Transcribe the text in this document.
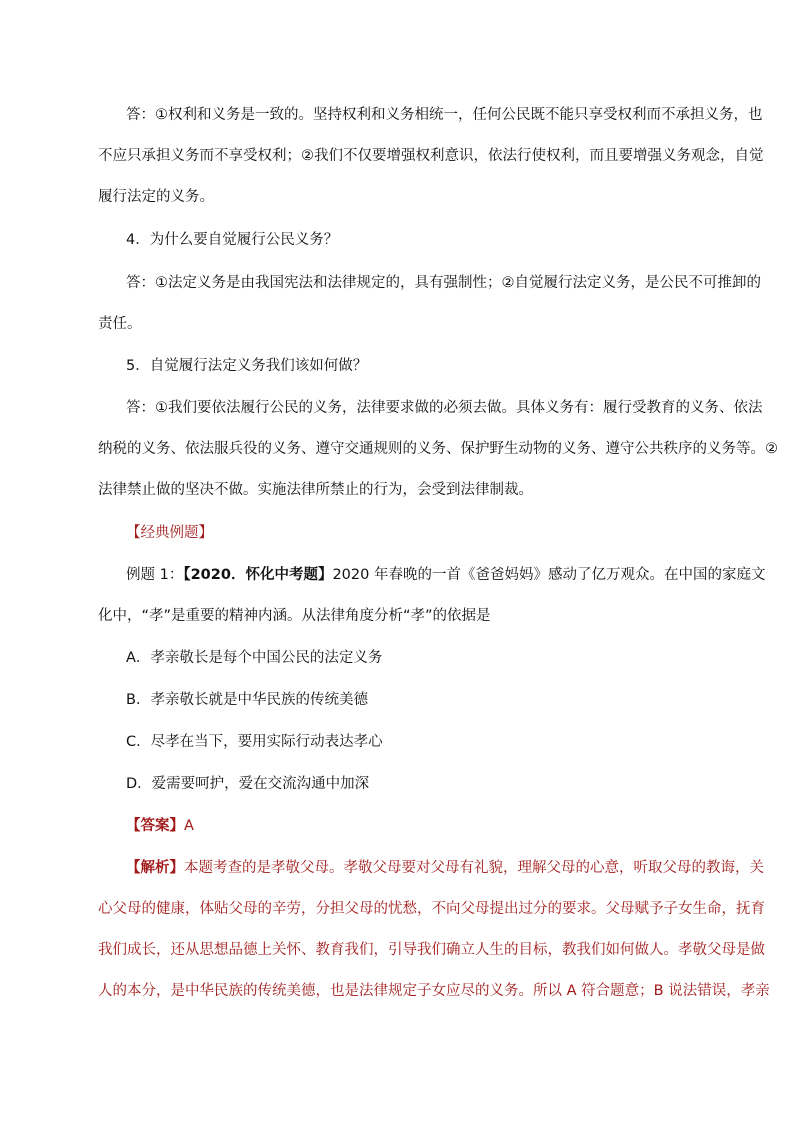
答：①权利和义务是一致的。坚持权利和义务相统一，任何公民既不能只享受权利而不承担义务，也
不应只承担义务而不享受权利；②我们不仅要增强权利意识，依法行使权利，而且要增强义务观念，自觉
履行法定的义务。
4．为什么要自觉履行公民义务？
答：①法定义务是由我国宪法和法律规定的，具有强制性；②自觉履行法定义务，是公民不可推卸的
责任。
5．自觉履行法定义务我们该如何做？
答：①我们要依法履行公民的义务，法律要求做的必须去做。具体义务有：履行受教育的义务、依法
纳税的义务、依法服兵役的义务、遵守交通规则的义务、保护野生动物的义务、遵守公共秩序的义务等。②
法律禁止做的坚决不做。实施法律所禁止的行为，会受到法律制裁。
【经典例题】
例题 1：【2020．怀化中考题】2020 年春晚的一首《爸爸妈妈》感动了亿万观众。在中国的家庭文
化中，“孝”是重要的精神内涵。从法律角度分析“孝”的依据是
A．孝亲敬长是每个中国公民的法定义务
B．孝亲敬长就是中华民族的传统美德
C．尽孝在当下，要用实际行动表达孝心
D．爱需要呵护，爱在交流沟通中加深
【答案】A
【解析】本题考查的是孝敬父母。孝敬父母要对父母有礼貌，理解父母的心意，听取父母的教诲，关
心父母的健康，体贴父母的辛劳，分担父母的忧愁，不向父母提出过分的要求。父母赋予子女生命，抚育
我们成长，还从思想品德上关怀、教育我们，引导我们确立人生的目标，教我们如何做人。孝敬父母是做
人的本分，是中华民族的传统美德，也是法律规定子女应尽的义务。所以 A 符合题意；B 说法错误，孝亲
